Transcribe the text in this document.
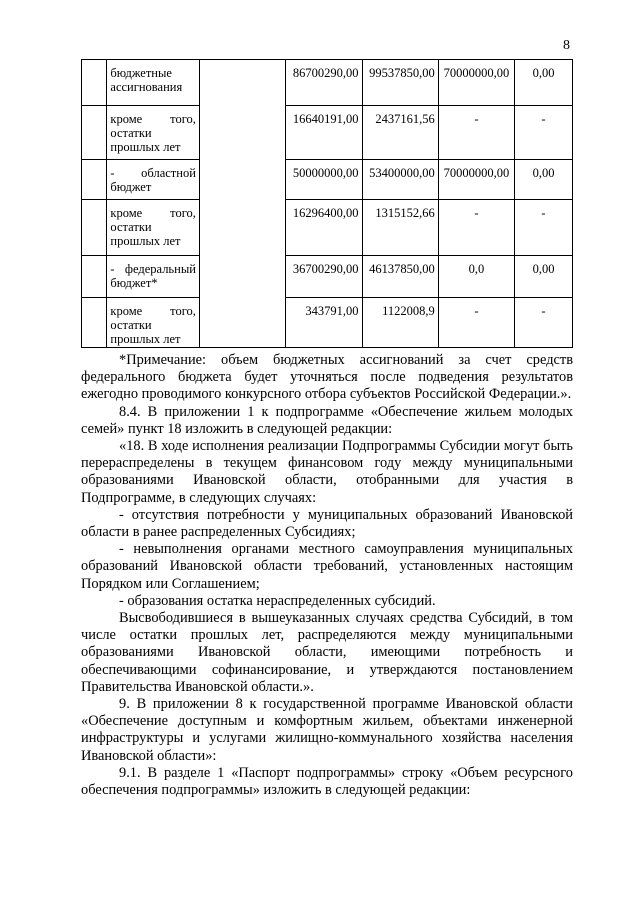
8

	бюджетные
ассигнования		86700290,00	99537850,00	70000000,00	0,00

	кроме того,
остатки
прошлых лет		16640191,00	2437161,56	-	-

	- областной
бюджет		50000000,00	53400000,00	70000000,00	0,00

	кроме того,
остатки
прошлых лет		16296400,00	1315152,66	-	-

	- федеральный
бюджет*		36700290,00	46137850,00	0,0	0,00

	кроме того,
остатки
прошлых лет		343791,00	1122008,9	-	-

*Примечание: объем бюджетных ассигнований за счет средств федерального бюджета будет уточняться после подведения результатов ежегодно проводимого конкурсного отбора субъектов Российской Федерации.».

8.4. В приложении 1 к подпрограмме «Обеспечение жильем молодых семей» пункт 18 изложить в следующей редакции:

«18. В ходе исполнения реализации Подпрограммы Субсидии могут быть перераспределены в текущем финансовом году между муниципальными образованиями Ивановской области, отобранными для участия в Подпрограмме, в следующих случаях:

- отсутствия потребности у муниципальных образований Ивановской области в ранее распределенных Субсидиях;

- невыполнения органами местного самоуправления муниципальных образований Ивановской области требований, установленных настоящим Порядком или Соглашением;

- образования остатка нераспределенных субсидий.

Высвободившиеся в вышеуказанных случаях средства Субсидий, в том числе остатки прошлых лет, распределяются между муниципальными образованиями Ивановской области, имеющими потребность и обеспечивающими софинансирование, и утверждаются постановлением Правительства Ивановской области.».

9. В приложении 8 к государственной программе Ивановской области «Обеспечение доступным и комфортным жильем, объектами инженерной инфраструктуры и услугами жилищно-коммунального хозяйства населения Ивановской области»:

9.1. В разделе 1 «Паспорт подпрограммы» строку «Объем ресурсного обеспечения подпрограммы» изложить в следующей редакции:
